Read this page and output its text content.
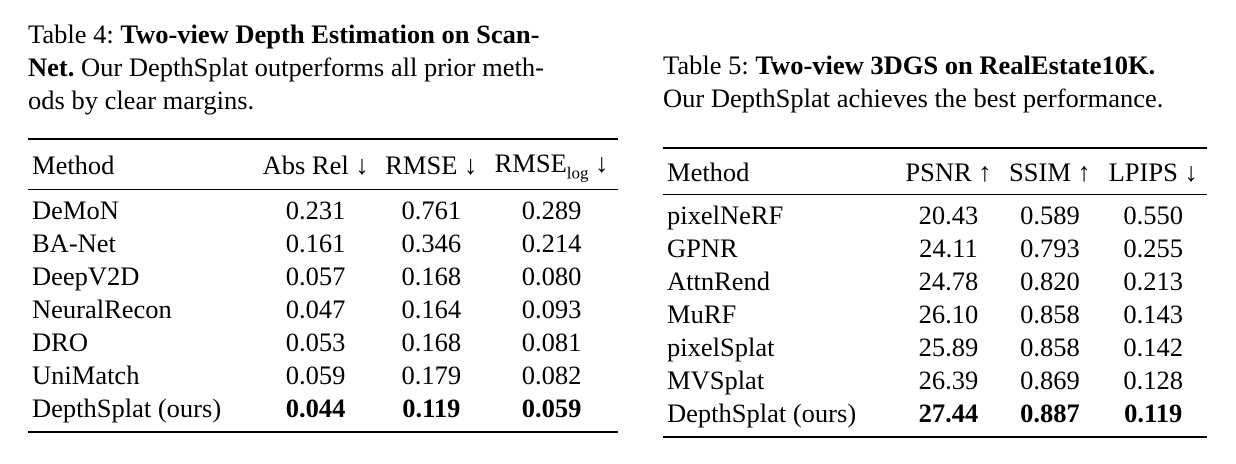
Table 4: Two-view Depth Estimation on Scan-
Net. Our DepthSplat outperforms all prior meth-
ods by clear margins.
Method	Abs Rel ↓	RMSE ↓	$RMSE_{log}$ ↓
DeMoN	0.231	0.761	0.289
BA-Net	0.161	0.346	0.214
DeepV2D	0.057	0.168	0.080
NeuralRecon	0.047	0.164	0.093
DRO	0.053	0.168	0.081
UniMatch	0.059	0.179	0.082
DepthSplat (ours)	0.044	0.119	0.059
Table 5: Two-view 3DGS on RealEstate10K.
Our DepthSplat achieves the best performance.
Method	PSNR ↑	SSIM ↑	LPIPS ↓
pixelNeRF	20.43	0.589	0.550
GPNR	24.11	0.793	0.255
AttnRend	24.78	0.820	0.213
MuRF	26.10	0.858	0.143
pixelSplat	25.89	0.858	0.142
MVSplat	26.39	0.869	0.128
DepthSplat (ours)	27.44	0.887	0.119
